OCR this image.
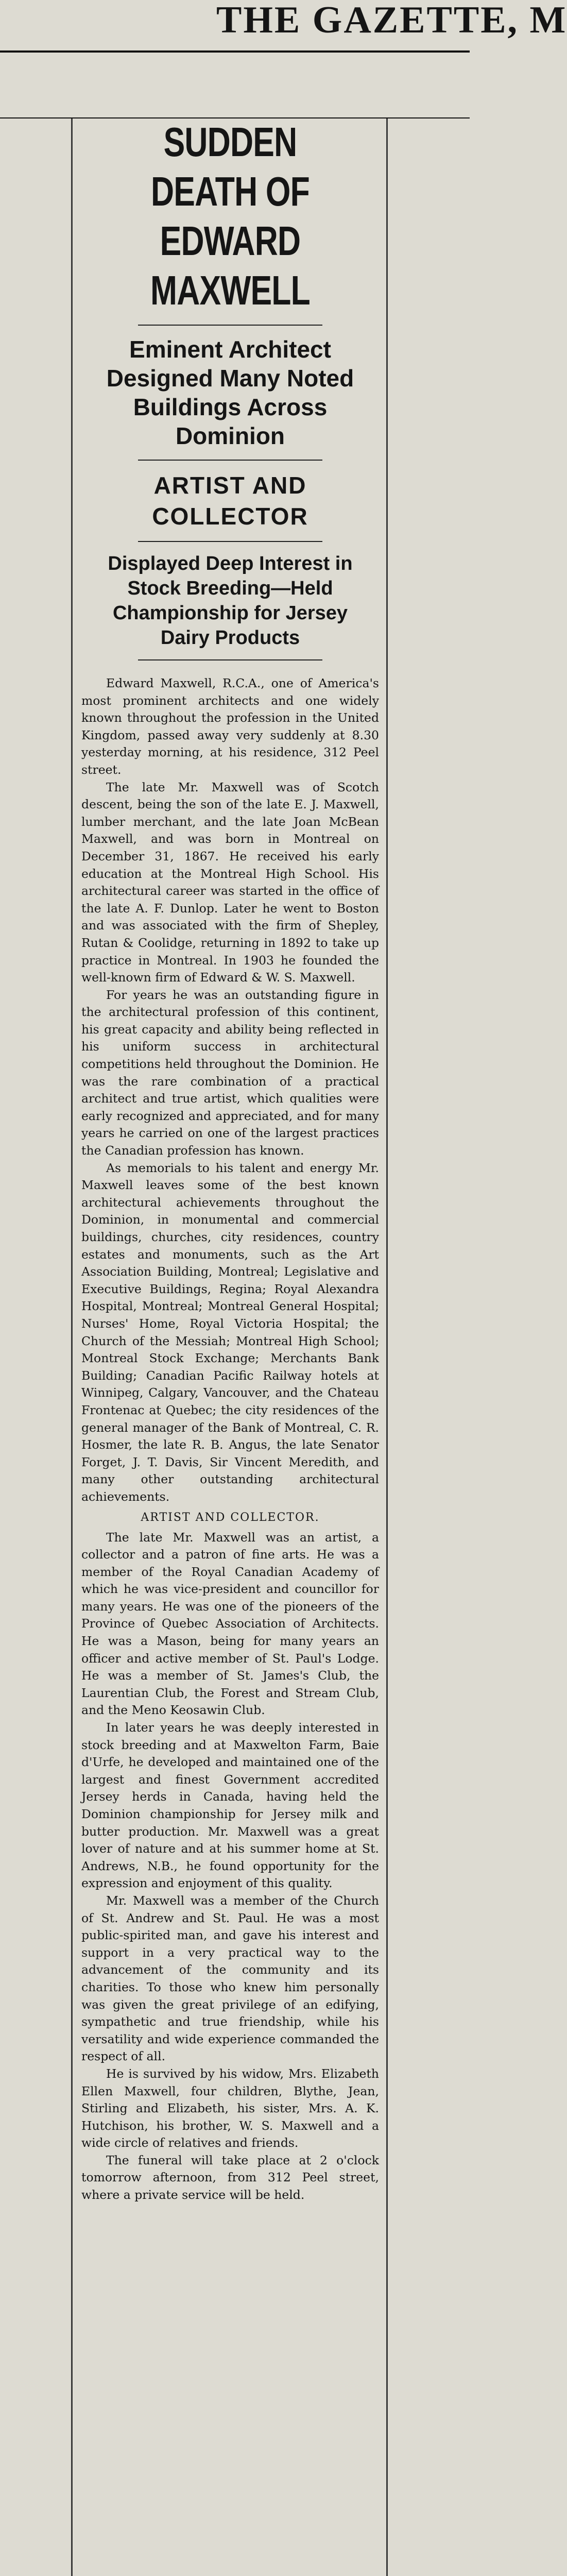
THE GAZETTE, M

SUDDEN DEATH OF
EDWARD MAXWELL
Eminent Architect Designed Many Noted Buildings Across Dominion
ARTIST AND COLLECTOR
Displayed Deep Interest in Stock Breeding—Held Championship for Jersey Dairy Products

Edward Maxwell, R.C.A., one of America's most prominent architects and one widely known throughout the profession in the United Kingdom, passed away very suddenly at 8.30 yesterday morning, at his residence, 312 Peel street.

The late Mr. Maxwell was of Scotch descent, being the son of the late E. J. Maxwell, lumber merchant, and the late Joan McBean Maxwell, and was born in Montreal on December 31, 1867. He received his early education at the Montreal High School. His architectural career was started in the office of the late A. F. Dunlop. Later he went to Boston and was associated with the firm of Shepley, Rutan & Coolidge, returning in 1892 to take up practice in Montreal. In 1903 he founded the well-known firm of Edward & W. S. Maxwell.

For years he was an outstanding figure in the architectural profession of this continent, his great capacity and ability being reflected in his uniform success in architectural competitions held throughout the Dominion. He was the rare combination of a practical architect and true artist, which qualities were early recognized and appreciated, and for many years he carried on one of the largest practices the Canadian profession has known.

As memorials to his talent and energy Mr. Maxwell leaves some of the best known architectural achievements throughout the Dominion, in monumental and commercial buildings, churches, city residences, country estates and monuments, such as the Art Association Building, Montreal; Legislative and Executive Buildings, Regina; Royal Alexandra Hospital, Montreal; Montreal General Hospital; Nurses' Home, Royal Victoria Hospital; the Church of the Messiah; Montreal High School; Montreal Stock Exchange; Merchants Bank Building; Canadian Pacific Railway hotels at Winnipeg, Calgary, Vancouver, and the Chateau Frontenac at Quebec; the city residences of the general manager of the Bank of Montreal, C. R. Hosmer, the late R. B. Angus, the late Senator Forget, J. T. Davis, Sir Vincent Meredith, and many other outstanding architectural achievements.

ARTIST AND COLLECTOR.

The late Mr. Maxwell was an artist, a collector and a patron of fine arts. He was a member of the Royal Canadian Academy of which he was vice-president and councillor for many years. He was one of the pioneers of the Province of Quebec Association of Architects. He was a Mason, being for many years an officer and active member of St. Paul's Lodge. He was a member of St. James's Club, the Laurentian Club, the Forest and Stream Club, and the Meno Keosawin Club.

In later years he was deeply interested in stock breeding and at Maxwelton Farm, Baie d'Urfe, he developed and maintained one of the largest and finest Government accredited Jersey herds in Canada, having held the Dominion championship for Jersey milk and butter production. Mr. Maxwell was a great lover of nature and at his summer home at St. Andrews, N.B., he found opportunity for the expression and enjoyment of this quality.

Mr. Maxwell was a member of the Church of St. Andrew and St. Paul. He was a most public-spirited man, and gave his interest and support in a very practical way to the advancement of the community and its charities. To those who knew him personally was given the great privilege of an edifying, sympathetic and true friendship, while his versatility and wide experience commanded the respect of all.

He is survived by his widow, Mrs. Elizabeth Ellen Maxwell, four children, Blythe, Jean, Stirling and Elizabeth, his sister, Mrs. A. K. Hutchison, his brother, W. S. Maxwell and a wide circle of relatives and friends.

The funeral will take place at 2 o'clock tomorrow afternoon, from 312 Peel street, where a private service will be held.
